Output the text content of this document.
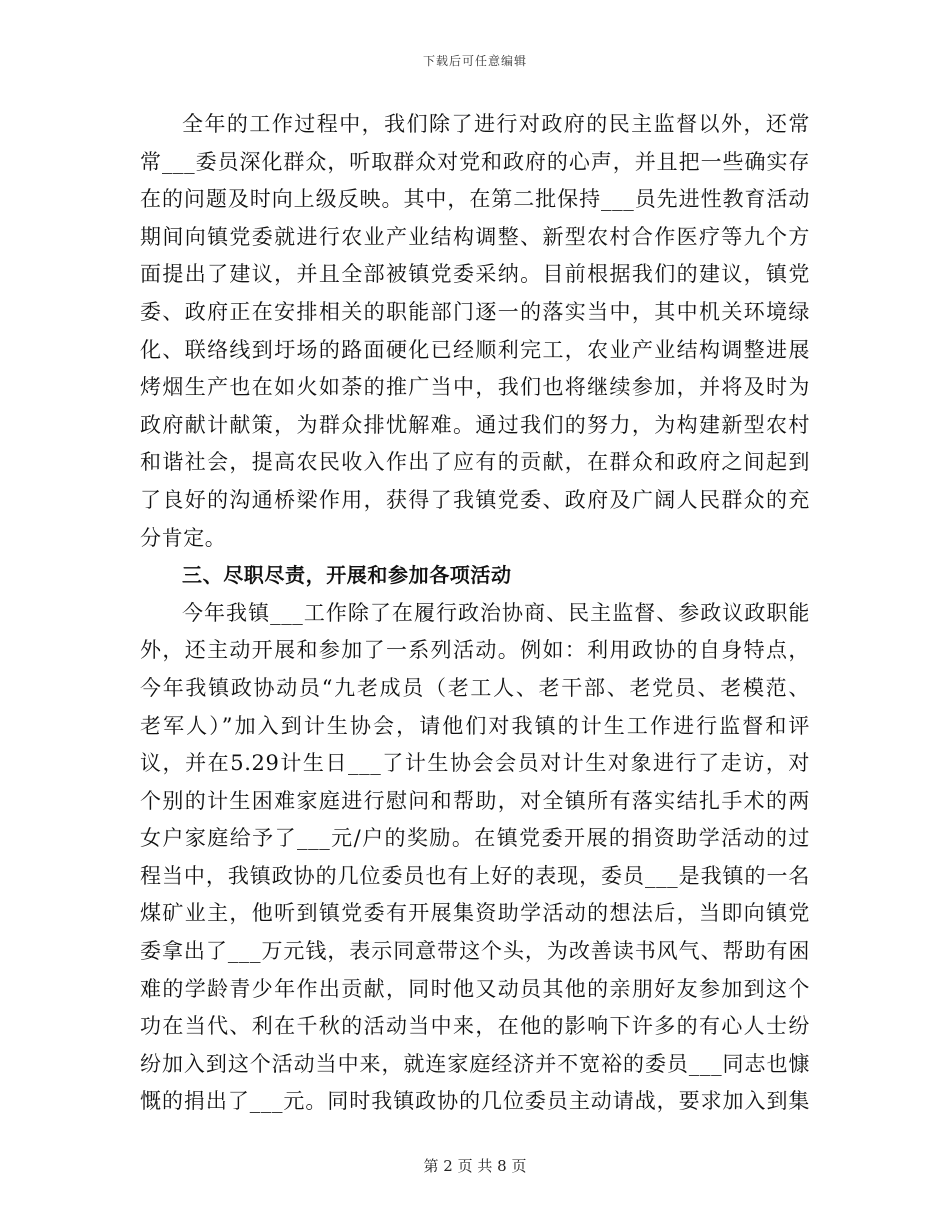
下载后可任意编辑
全年的工作过程中，我们除了进行对政府的民主监督以外，还常
常___委员深化群众，听取群众对党和政府的心声，并且把一些确实存
在的问题及时向上级反映。其中，在第二批保持___员先进性教育活动
期间向镇党委就进行农业产业结构调整、新型农村合作医疗等九个方
面提出了建议，并且全部被镇党委采纳。目前根据我们的建议，镇党
委、政府正在安排相关的职能部门逐一的落实当中，其中机关环境绿
化、联络线到圩场的路面硬化已经顺利完工，农业产业结构调整进展
烤烟生产也在如火如荼的推广当中，我们也将继续参加，并将及时为
政府献计献策，为群众排忧解难。通过我们的努力，为构建新型农村
和谐社会，提高农民收入作出了应有的贡献，在群众和政府之间起到
了良好的沟通桥梁作用，获得了我镇党委、政府及广阔人民群众的充
分肯定。
三、尽职尽责，开展和参加各项活动
今年我镇___工作除了在履行政治协商、民主监督、参政议政职能
外，还主动开展和参加了一系列活动。例如：利用政协的自身特点，
今年我镇政协动员“九老成员（老工人、老干部、老党员、老模范、
老军人）”加入到计生协会，请他们对我镇的计生工作进行监督和评
议，并在5.29计生日___了计生协会会员对计生对象进行了走访，对
个别的计生困难家庭进行慰问和帮助，对全镇所有落实结扎手术的两
女户家庭给予了___元/户的奖励。在镇党委开展的捐资助学活动的过
程当中，我镇政协的几位委员也有上好的表现，委员___是我镇的一名
煤矿业主，他听到镇党委有开展集资助学活动的想法后，当即向镇党
委拿出了___万元钱，表示同意带这个头，为改善读书风气、帮助有困
难的学龄青少年作出贡献，同时他又动员其他的亲朋好友参加到这个
功在当代、利在千秋的活动当中来，在他的影响下许多的有心人士纷
纷加入到这个活动当中来，就连家庭经济并不宽裕的委员___同志也慷
慨的捐出了___元。同时我镇政协的几位委员主动请战，要求加入到集
第 2 页 共 8 页
